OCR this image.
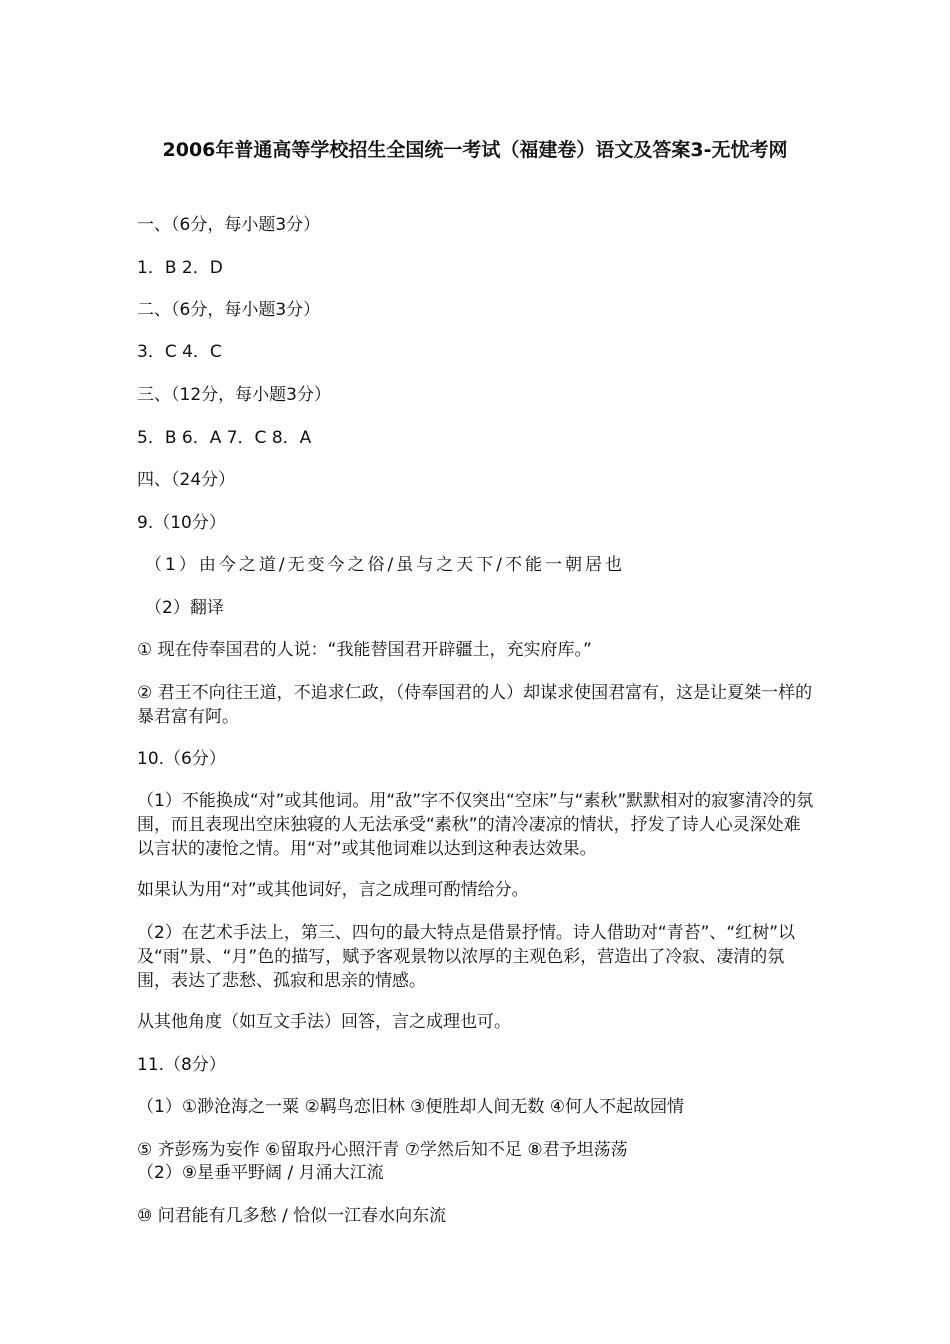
2006年普通高等学校招生全国统一考试（福建卷）语文及答案3-无忧考网
一、（6分，每小题3分）
1．B 2．D
二、（6分，每小题3分）
3．C 4．C
三、（12分，每小题3分）
5．B 6．A 7．C 8．A
四、（24分）
9.（10分）
（1）由今之道/无变今之俗/虽与之天下/不能一朝居也
（2）翻译
① 现在侍奉国君的人说：“我能替国君开辟疆土，充实府库。”
② 君王不向往王道，不追求仁政，（侍奉国君的人）却谋求使国君富有，这是让夏桀一样的暴君富有阿。
10.（6分）
（1）不能换成“对”或其他词。用“敌”字不仅突出“空床”与“素秋”默默相对的寂寥清冷的氛围，而且表现出空床独寝的人无法承受“素秋”的清冷凄凉的情状，抒发了诗人心灵深处难以言状的凄怆之情。用“对”或其他词难以达到这种表达效果。
如果认为用“对”或其他词好，言之成理可酌情给分。
（2）在艺术手法上，第三、四句的最大特点是借景抒情。诗人借助对“青苔”、“红树”以及“雨”景、“月”色的描写，赋予客观景物以浓厚的主观色彩，营造出了冷寂、凄清的氛围，表达了悲愁、孤寂和思亲的情感。
从其他角度（如互文手法）回答，言之成理也可。
11.（8分）
（1）①渺沧海之一粟 ②羁鸟恋旧林 ③便胜却人间无数 ④何人不起故园情
⑤ 齐彭殇为妄作 ⑥留取丹心照汗青 ⑦学然后知不足 ⑧君予坦荡荡
（2）⑨星垂平野阔 / 月涌大江流
⑩ 问君能有几多愁 / 恰似一江春水向东流
